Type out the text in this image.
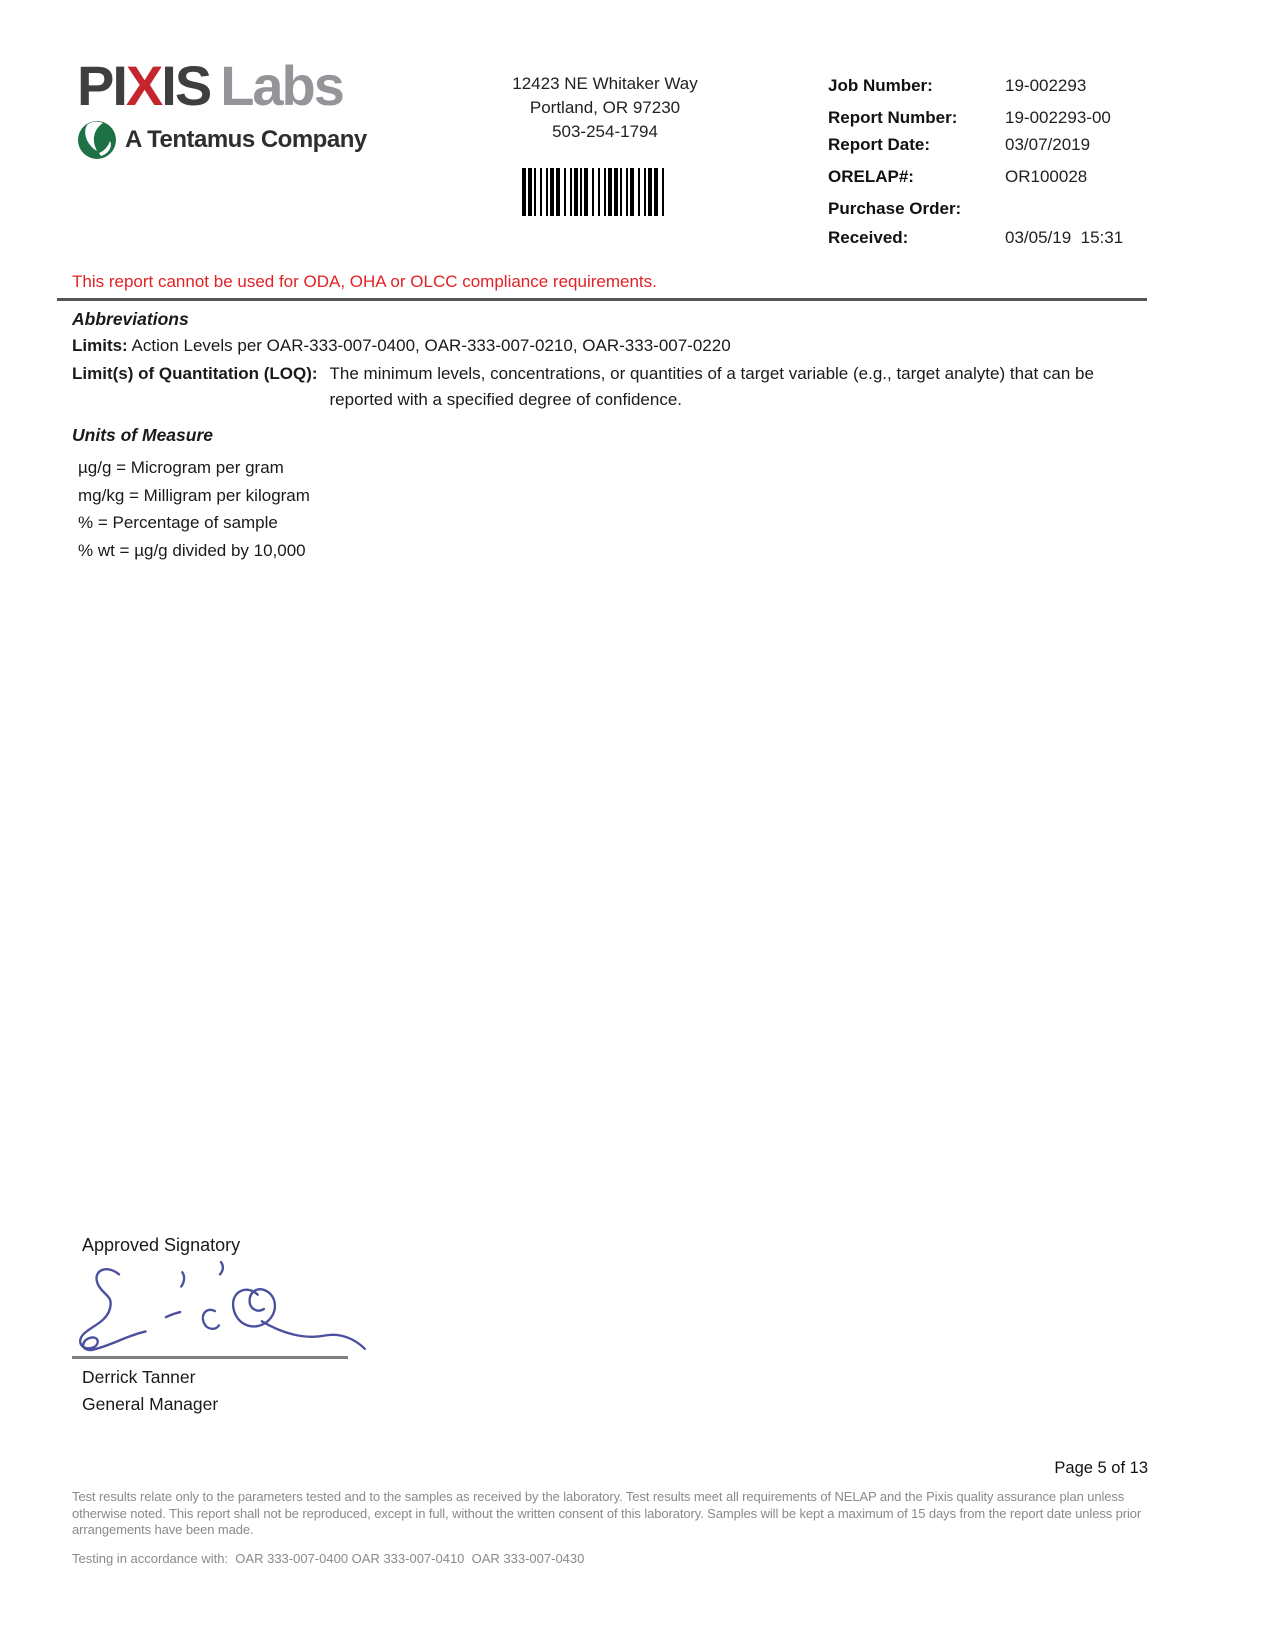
PIXIS Labs
A Tentamus Company
12423 NE Whitaker Way
Portland, OR 97230
503-254-1794
Job Number:	19-002293
Report Number:	19-002293-00
Report Date:	03/07/2019
ORELAP#:	OR100028
Purchase Order:
Received:	03/05/19  15:31
This report cannot be used for ODA, OHA or OLCC compliance requirements.
Abbreviations
Limits: Action Levels per OAR-333-007-0400, OAR-333-007-0210, OAR-333-007-0220
Limit(s) of Quantitation (LOQ): The minimum levels, concentrations, or quantities of a target variable (e.g., target analyte) that can be reported with a specified degree of confidence.
Units of Measure
µg/g = Microgram per gram
mg/kg = Milligram per kilogram
% = Percentage of sample
% wt = µg/g divided by 10,000
Approved Signatory
Derrick Tanner
General Manager
Page 5 of 13
Test results relate only to the parameters tested and to the samples as received by the laboratory. Test results meet all requirements of NELAP and the Pixis quality assurance plan unless otherwise noted. This report shall not be reproduced, except in full, without the written consent of this laboratory. Samples will be kept a maximum of 15 days from the report date unless prior arrangements have been made.
Testing in accordance with:  OAR 333-007-0400 OAR 333-007-0410  OAR 333-007-0430
